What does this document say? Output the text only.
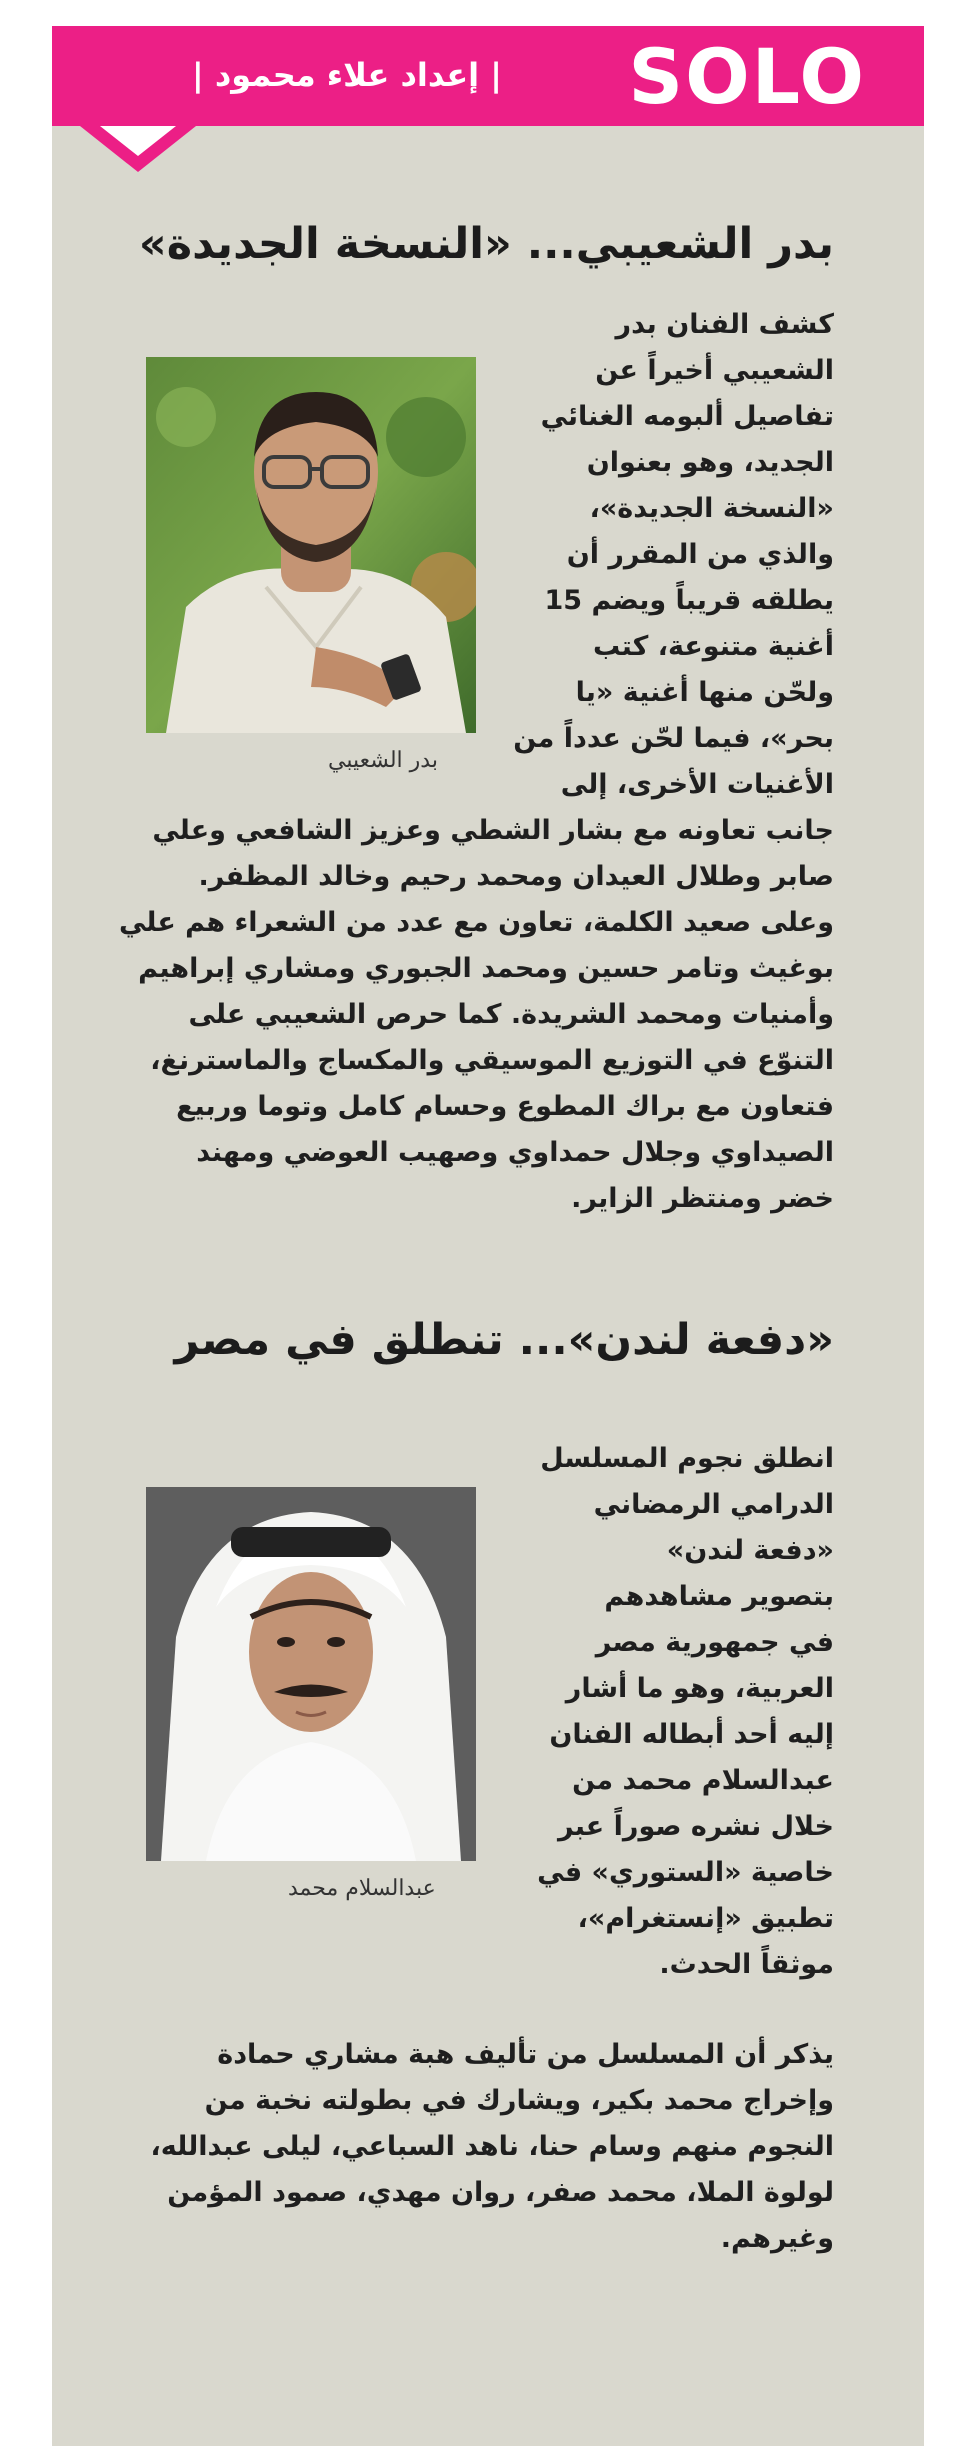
SOLO
| إعداد علاء محمود |
بدر الشعيبي... «النسخة الجديدة»
كشف الفنان بدر
الشعيبي أخيراً عن
تفاصيل ألبومه الغنائي
الجديد، وهو بعنوان
«النسخة الجديدة»،
والذي من المقرر أن
يطلقه قريباً ويضم 15
أغنية متنوعة، كتب
ولحّن منها أغنية «يا
بحر»، فيما لحّن عدداً من
الأغنيات الأخرى، إلى
بدر الشعيبي
جانب تعاونه مع بشار الشطي وعزيز الشافعي وعلي
صابر وطلال العيدان ومحمد رحيم وخالد المظفر.
وعلى صعيد الكلمة، تعاون مع عدد من الشعراء هم علي
بوغيث وتامر حسين ومحمد الجبوري ومشاري إبراهيم
وأمنيات ومحمد الشريدة. كما حرص الشعيبي على
التنوّع في التوزيع الموسيقي والمكساج والماسترنغ،
فتعاون مع براك المطوع وحسام كامل وتوما وربيع
الصيداوي وجلال حمداوي وصهيب العوضي ومهند
خضر ومنتظر الزاير.
«دفعة لندن»... تنطلق في مصر
انطلق نجوم المسلسل
الدرامي الرمضاني
«دفعة لندن»
بتصوير مشاهدهم
في جمهورية مصر
العربية، وهو ما أشار
إليه أحد أبطاله الفنان
عبدالسلام محمد من
خلال نشره صوراً عبر
خاصية «الستوري» في
تطبيق «إنستغرام»،
موثقاً الحدث.
عبدالسلام محمد
يذكر أن المسلسل من تأليف هبة مشاري حمادة
وإخراج محمد بكير، ويشارك في بطولته نخبة من
النجوم منهم وسام حنا، ناهد السباعي، ليلى عبدالله،
لولوة الملا، محمد صفر، روان مهدي، صمود المؤمن
وغيرهم.
